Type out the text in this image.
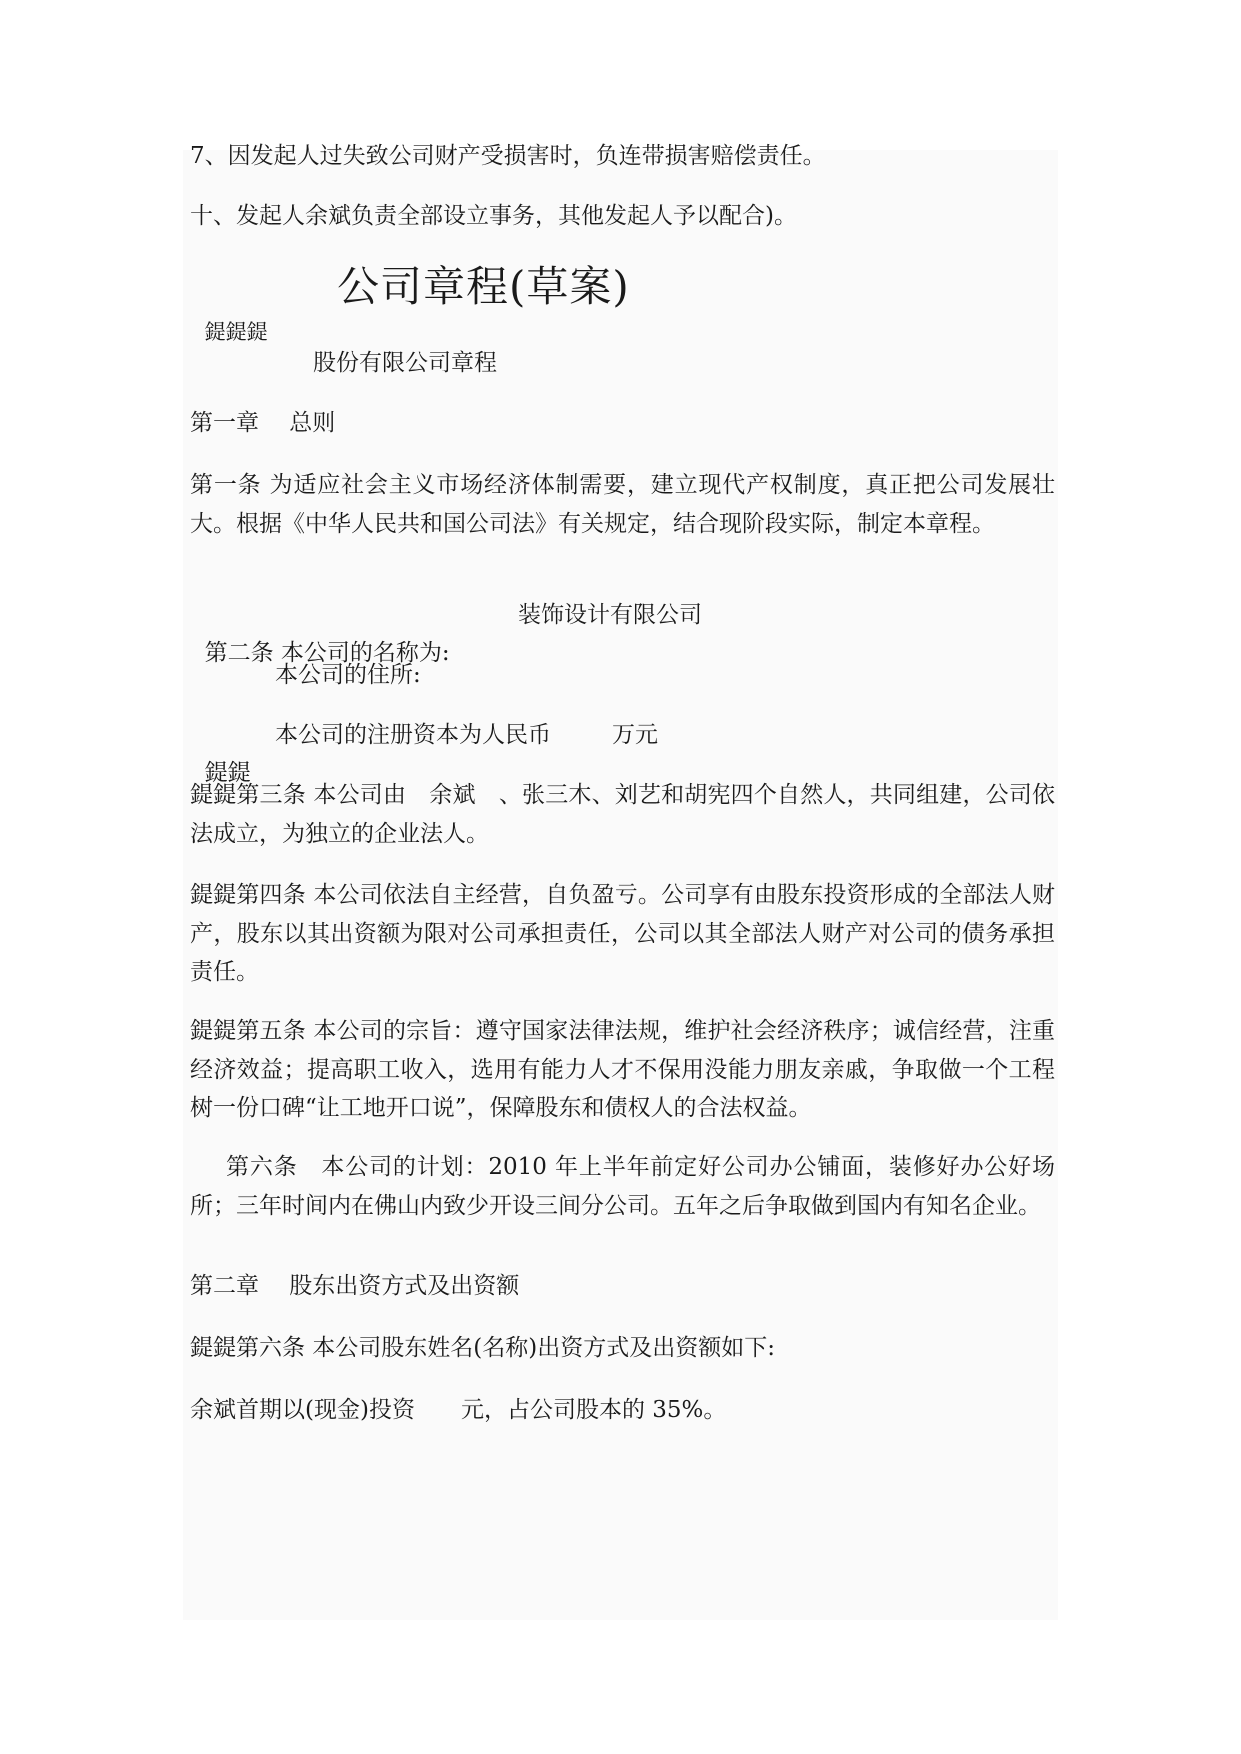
7、因发起人过失致公司财产受损害时，负连带损害赔偿责任。
十、发起人余斌负责全部设立事务，其他发起人予以配合)。

鍉鍉鍉

公司章程(草案)

股份有限公司章程
第一章　 总则
第一条 为适应社会主义市场经济体制需要，建立现代产权制度，真正把公司发展壮大。根据《中华人民共和国公司法》有关规定，结合现阶段实际，制定本章程。

第二条 本公司的名称为:

装饰设计有限公司

本公司的住所:

鍉鍉

本公司的注册资本为人民币

	万元

鍉鍉第三条 本公司由　余斌　、张三木、刘艺和胡宪四个自然人，共同组建，公司依法成立，为独立的企业法人。
鍉鍉第四条 本公司依法自主经营，自负盈亏。公司享有由股东投资形成的全部法人财产，股东以其出资额为限对公司承担责任，公司以其全部法人财产对公司的债务承担责任。
鍉鍉第五条 本公司的宗旨：遵守国家法律法规，维护社会经济秩序；诚信经营，注重经济效益；提高职工收入，选用有能力人才不保用没能力朋友亲戚，争取做一个工程树一份口碑“让工地开口说”，保障股东和债权人的合法权益。
第六条　本公司的计划：2010 年上半年前定好公司办公铺面，装修好办公好场所；三年时间内在佛山内致少开设三间分公司。五年之后争取做到国内有知名企业。
第二章　 股东出资方式及出资额
鍉鍉第六条 本公司股东姓名(名称)出资方式及出资额如下:
余斌首期以(现金)投资　　元，占公司股本的 35%。
